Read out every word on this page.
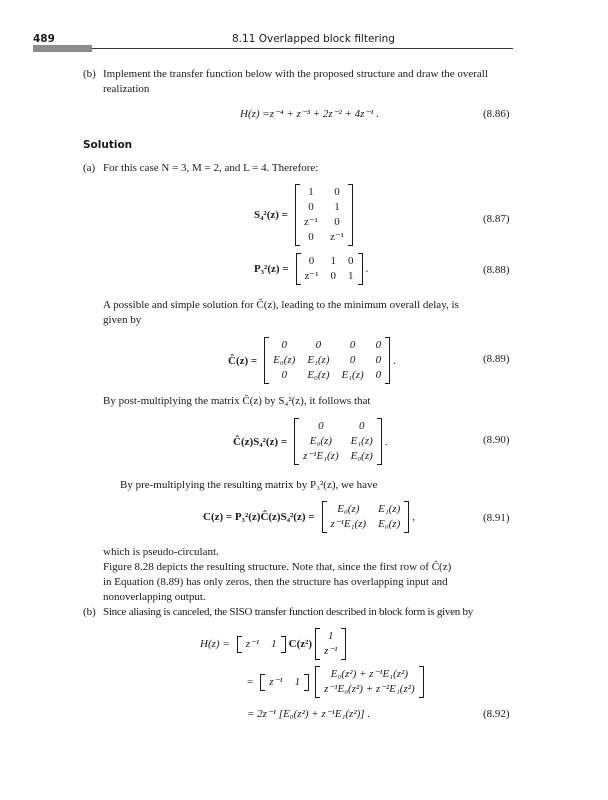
489	8.11 Overlapped block filtering
(b) Implement the transfer function below with the proposed structure and draw the overall
realization
H(z) = z⁻⁴ + z⁻³ + 2z⁻² + 4z⁻¹ .	(8.86)
Solution
(a) For this case N = 3, M = 2, and L = 4. Therefore:
S₄²(z) =
1 0
0 1
z⁻¹ 0
0 z⁻¹
(8.87)
P₃²(z) =
0 1 0
z⁻¹ 0 1
.	(8.88)
A possible and simple solution for Ĉ(z), leading to the minimum overall delay, is
given by
Ĉ(z) =
0	0	0 0
E₀(z) E₁(z) 0 0
0 E₀(z) E₁(z) 0
.	(8.89)
By post-multiplying the matrix Ĉ(z) by S₄²(z), it follows that
Ĉ(z)S₄²(z) =
0	0
E₀(z) E₁(z)
z⁻¹E₁(z) E₀(z)
.	(8.90)
By pre-multiplying the resulting matrix by P₃²(z), we have
C(z) = P₃²(z)Ĉ(z)S₄²(z) =
E₀(z) E₁(z)
z⁻¹E₁(z) E₀(z)
,	(8.91)
which is pseudo-circulant.
Figure 8.28 depicts the resulting structure. Note that, since the first row of Ĉ(z)
in Equation (8.89) has only zeros, then the structure has overlapping input and
nonoverlapping output.
(b) Since aliasing is canceled, the SISO transfer function described in block form is given by
H(z) = z⁻¹ 1 C(z²)
1
z⁻¹
= z⁻¹ 1
E₀(z²) + z⁻¹E₁(z²)
z⁻¹E₀(z²) + z⁻²E₁(z²)
= 2z⁻¹ [E₀(z²) + z⁻¹E₁(z²)] .	(8.92)
